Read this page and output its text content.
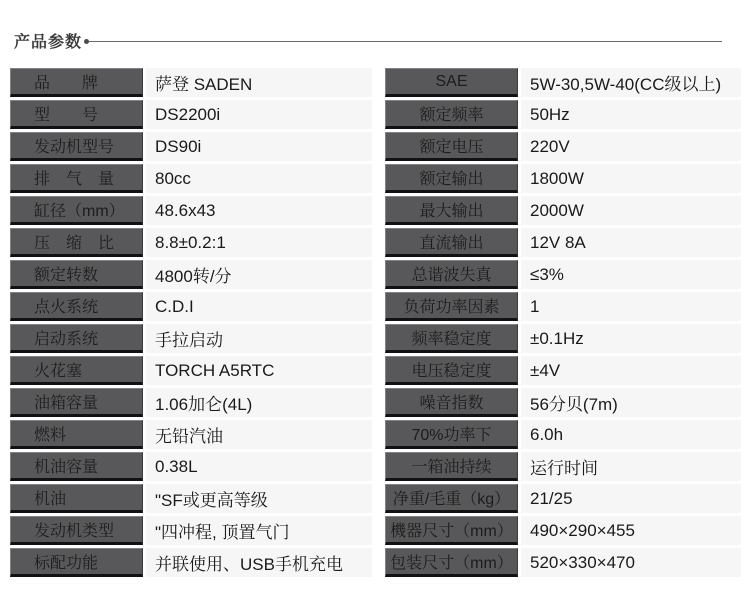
产品参数
品　　牌	萨登 SADEN
型　　号	DS2200i
发动机型号	DS90i
排　气　量	80cc
缸径（mm）	48.6x43
压　缩　比	8.8±0.2:1
额定转数	4800转/分
点火系统	C.D.I
启动系统	手拉启动
火花塞	TORCH A5RTC
油箱容量	1.06加仑(4L)
燃料	无铅汽油
机油容量	0.38L
机油	"SF或更高等级
发动机类型	"四冲程, 顶置气门
标配功能	并联使用、USB手机充电
SAE	5W-30,5W-40(CC级以上)
额定频率	50Hz
额定电压	220V
额定输出	1800W
最大输出	2000W
直流输出	12V 8A
总谐波失真	≤3%
负荷功率因素	1
频率稳定度	±0.1Hz
电压稳定度	±4V
噪音指数	56分贝(7m)
70%功率下	6.0h
一箱油持续	运行时间
净重/毛重（kg）	21/25
機器尺寸（mm）	490×290×455
包装尺寸（mm）	520×330×470
